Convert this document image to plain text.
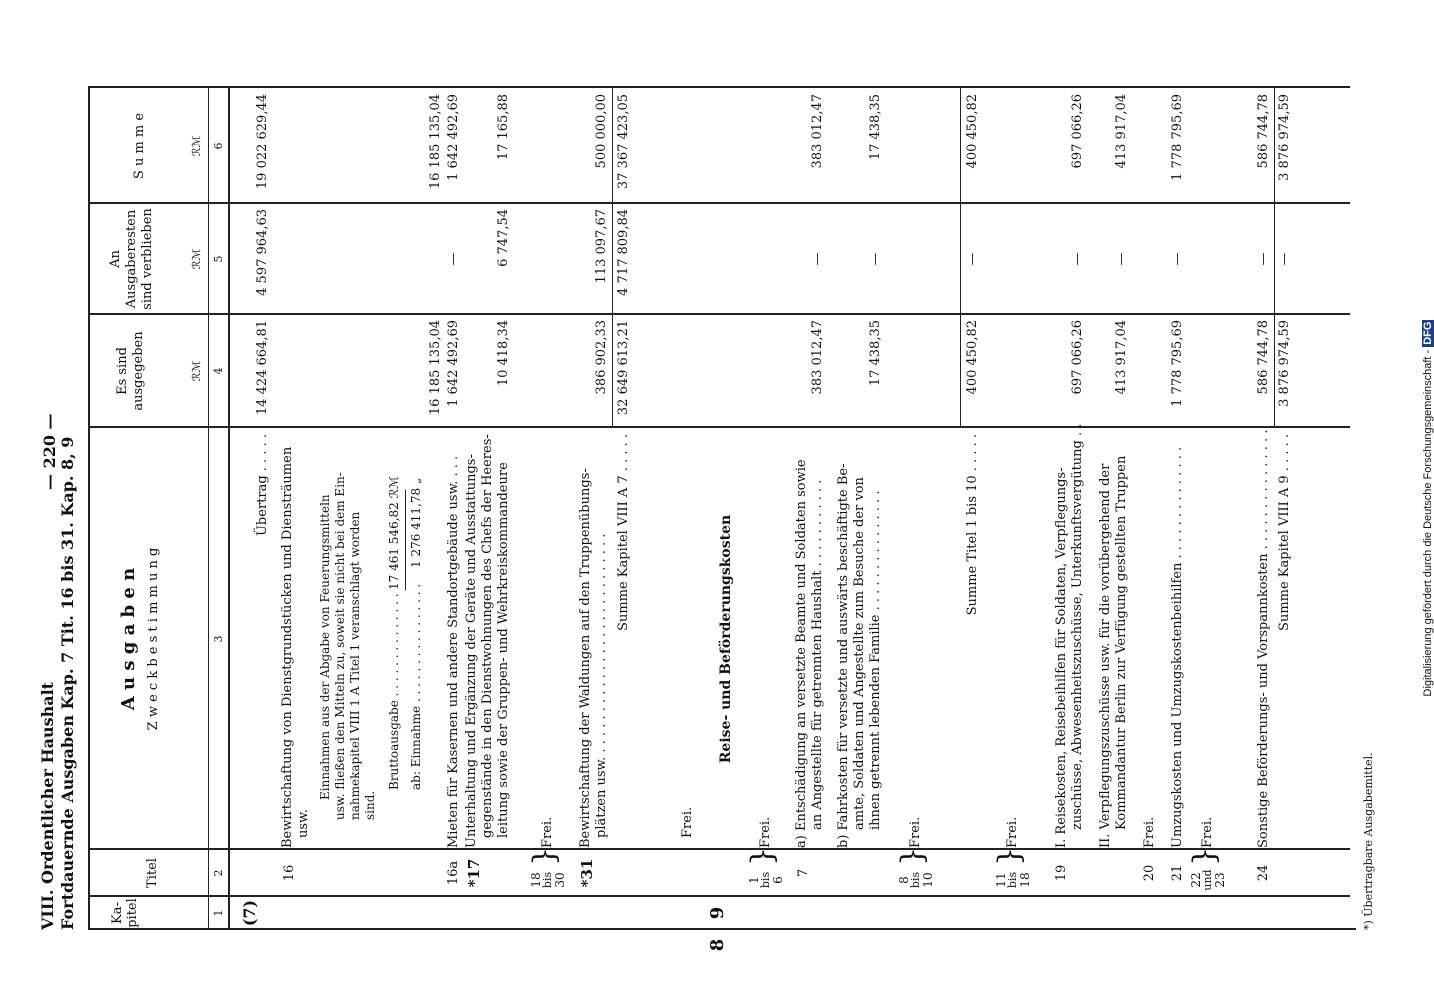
VIII. Ordentlicher Haushalt Fortdauernde Ausgaben Kap. 7 Tit. 16 bis 31. Kap. 8, 9
— 220 —
Ka- pitel
Titel
A u s g a b e n Z w e c k b e s t i m m u n g
Es sind ausgegeben
An Ausgaberesten sind verblieben
S u m m e
ℛℳ
ℛℳ
ℛℳ
1
2
3
4
5
6
(7)
8
9
Übertrag . . . . .
14 424 664,81
4 597 964,63
19 022 629,44
16
Bewirtschaftung von Dienstgrundstücken und Diensträumen usw.
Einnahmen aus der Abgabe von Feuerungsmitteln usw. fließen den Mitteln zu, soweit sie nicht bei dem Ein- nahmekapitel VIII 1 A Titel 1 veranschlagt worden sind.
Bruttoausgabe . . . . . . . . . . . . . .
17 461 546,82 ℛℳ
ab: Einnahme . . . . . . . . . . . . . . . .
1 276 411,78 „
16 185 135,04
16 185 135,04
16a
Mieten für Kasernen und andere Standortgebäude usw. . . .
1 642 492,69
—
1 642 492,69
*17
Unterhaltung und Ergänzung der Geräte und Ausstattungs- gegenstände in den Dienstwohnungen des Chefs der Heeres- leitung sowie der Gruppen- und Wehrkreiskommandeure
10 418,34
6 747,54
17 165,88
18
bis 30
}
Frei.
*31
Bewirtschaftung der Waldungen auf den Truppenübungs- plätzen usw. . . . . . . . . . . . . . . . . . . . . . . . . . . .
386 902,33
113 097,67
500 000,00
Summe Kapitel VIII A 7 . . . . .
32 649 613,21
4 717 809,84
37 367 423,05
Frei.
Reise- und Beförderungskosten
1
bis 6
}
Frei.
7
a) Entschädigung an versetzte Beamte und Soldaten sowie an Angestellte für getrennten Haushalt . . . . . . . . . . .
383 012,47
—
383 012,47
b) Fahrkosten für versetzte und auswärts beschäftigte Be- amte, Soldaten und Angestellte zum Besuche der von ihnen getrennt lebenden Familie . . . . . . . . . . . . . . .
17 438,35
—
17 438,35
8
bis 10
}
Frei.
Summe Titel 1 bis 10 . . . . .
400 450,82
—
400 450,82
11
bis 18
}
Frei.
19
I. Reisekosten, Reisebeihilfen für Soldaten, Verpflegungs- zuschüsse, Abwesenheitszuschüsse, Unterkunftsvergütung . .
697 066,26
—
697 066,26
II. Verpflegungszuschüsse usw. für die vorübergehend der Kommandantur Berlin zur Verfügung gestellten Truppen
413 917,04
—
413 917,04
20
Frei.
21
Umzugskosten und Umzugskostenbeihilfen . . . . . . . . . . . . . .
1 778 795,69
—
1 778 795,69
22
und 23
}
Frei.
24
Sonstige Beförderungs- und Vorspannkosten . . . . . . . . . . . . . . .
586 744,78
—
586 744,78
Summe Kapitel VIII A 9 . . . . .
3 876 974,59
—
3 876 974,59
*) Übertragbare Ausgabemittel.
Digitalisierung gefördert durch die Deutsche Forschungsgemeinschaft -DFG
